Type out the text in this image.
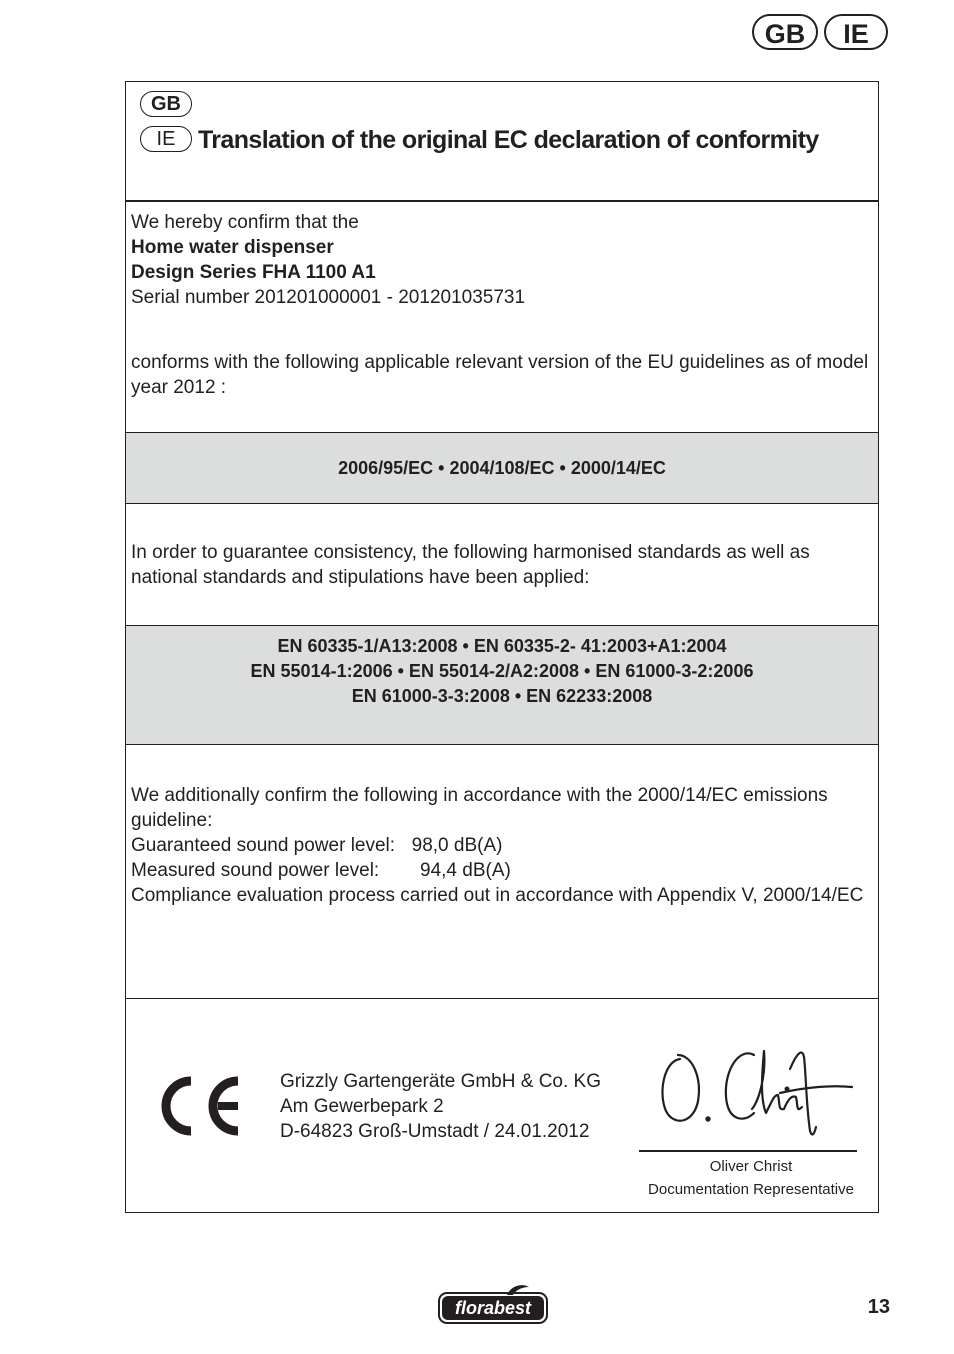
GB	IE
GB
IE Translation of the original EC declaration of conformity
We hereby confirm that the
Home water dispenser
Design Series FHA 1100 A1
Serial number 201201000001 - 201201035731
conforms with the following applicable relevant version of the EU guidelines as of model year 2012 :
2006/95/EC • 2004/108/EC • 2000/14/EC
In order to guarantee consistency, the following harmonised standards as well as national standards and stipulations have been applied:
EN 60335-1/A13:2008 • EN 60335-2- 41:2003+A1:2004
EN 55014-1:2006 • EN 55014-2/A2:2008 • EN 61000-3-2:2006
EN 61000-3-3:2008 • EN 62233:2008
We additionally confirm the following in accordance with the 2000/14/EC emissions guideline:
Guaranteed sound power level: 98,0 dB(A)
Measured sound power level: 94,4 dB(A)
Compliance evaluation process carried out in accordance with Appendix V, 2000/14/EC
Grizzly Gartengeräte GmbH & Co. KG
Am Gewerbepark 2
D-64823 Groß-Umstadt / 24.01.2012
Oliver Christ
Documentation Representative
florabest	13
